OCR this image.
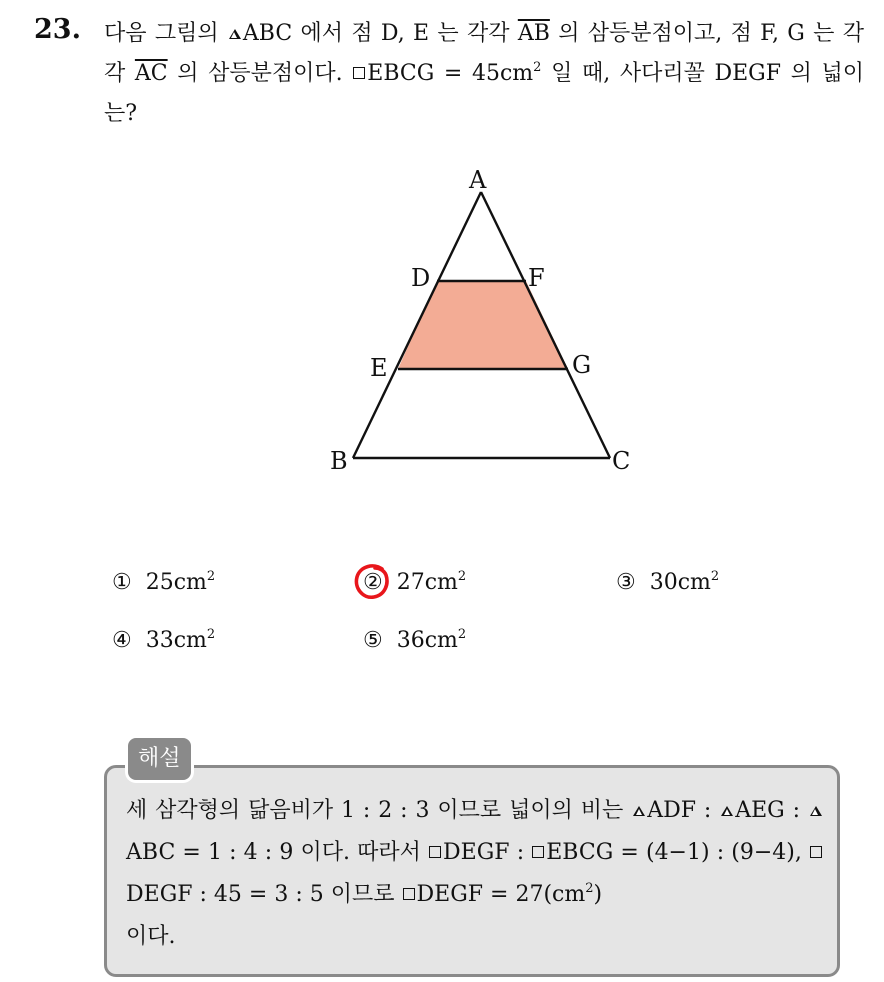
23. 다음 그림의 ABC 에서 점 D, E 는 각각 $\overline{AB}$ 의 삼등분점이고, 점 F, G 는 각각 $\overline{AC}$ 의 삼등분점이다. EBCG = $45cm^2$ 일 때, 사다리꼴 DEGF 의 넓이는?
A
D	F
E	G
B	C
① $25cm^2$	② $27cm^2$	③ $30cm^2$
④ $33cm^2$	⑤ $36cm^2$
해설
세 삼각형의 닮음비가 1 : 2 : 3 이므로 넓이의 비는 ADF : AEG : ABC = 1 : 4 : 9 이다. 따라서 DEGF : EBCG = (4−1) : (9−4), DEGF : 45 = 3 : 5 이므로 DEGF = $27(cm^2)$
이다.
